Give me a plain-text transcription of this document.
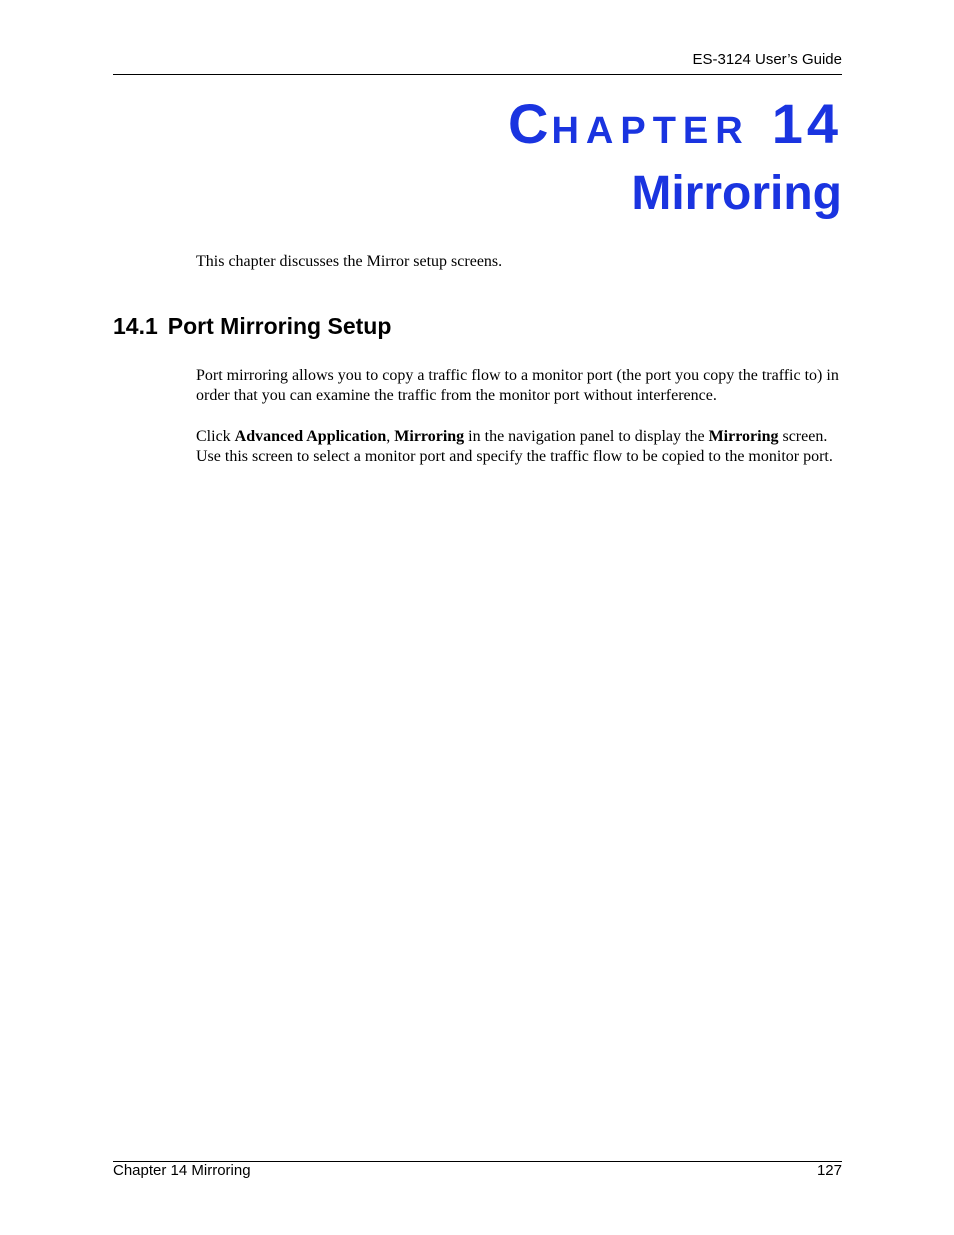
ES-3124 User’s Guide
CHAPTER 14
Mirroring
This chapter discusses the Mirror setup screens.
14.1 Port Mirroring Setup
Port mirroring allows you to copy a traffic flow to a monitor port (the port you copy the traffic to) in order that you can examine the traffic from the monitor port without interference.
Click Advanced Application, Mirroring in the navigation panel to display the Mirroring screen. Use this screen to select a monitor port and specify the traffic flow to be copied to the monitor port.
Chapter 14 Mirroring	127
